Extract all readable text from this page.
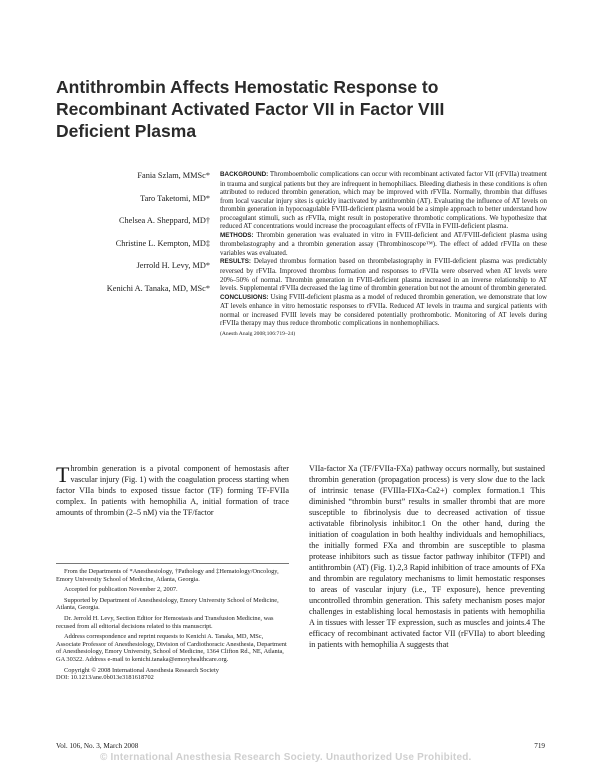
Antithrombin Affects Hemostatic Response to Recombinant Activated Factor VII in Factor VIII Deficient Plasma
Fania Szlam, MMSc*
Taro Taketomi, MD*
Chelsea A. Sheppard, MD†
Christine L. Kempton, MD‡
Jerrold H. Levy, MD*
Kenichi A. Tanaka, MD, MSc*

BACKGROUND: Thromboembolic complications can occur with recombinant activated factor VII (rFVIIa) treatment in trauma and surgical patients but they are infrequent in hemophiliacs. Bleeding diathesis in these conditions is often attributed to reduced thrombin generation, which may be improved with rFVIIa. Normally, thrombin that diffuses from local vascular injury sites is quickly inactivated by antithrombin (AT). Evaluating the influence of AT levels on thrombin generation in hypocoagulable FVIII-deficient plasma would be a simple approach to better understand how procoagulant stimuli, such as rFVIIa, might result in postoperative thrombotic complications. We hypothesize that reduced AT concentrations would increase the procoagulant effects of rFVIIa in FVIII-deficient plasma.

METHODS: Thrombin generation was evaluated in vitro in FVIII-deficient and AT/FVIII-deficient plasma using thrombelastography and a thrombin generation assay (Thrombinoscope™). The effect of added rFVIIa on these variables was evaluated.

RESULTS: Delayed thrombus formation based on thrombelastography in FVIII-deficient plasma was predictably reversed by rFVIIa. Improved thrombus formation and responses to rFVIIa were observed when AT levels were 20%–50% of normal. Thrombin generation in FVIII-deficient plasma increased in an inverse relationship to AT levels. Supplemental rFVIIa decreased the lag time of thrombin generation but not the amount of thrombin generated.

CONCLUSIONS: Using FVIII-deficient plasma as a model of reduced thrombin generation, we demonstrate that low AT levels enhance in vitro hemostatic responses to rFVIIa. Reduced AT levels in trauma and surgical patients with normal or increased FVIII levels may be considered potentially prothrombotic. Monitoring of AT levels during rFVIIa therapy may thus reduce thrombotic complications in nonhemophiliacs.

(Anesth Analg 2008;106:719–24)

Thrombin generation is a pivotal component of hemostasis after vascular injury (Fig. 1) with the coagulation process starting when factor VIIa binds to exposed tissue factor (TF) forming TF-FVIIa complex. In patients with hemophilia A, initial formation of trace amounts of thrombin (2–5 nM) via the TF/factor

VIIa-factor Xa (TF/FVIIa-FXa) pathway occurs normally, but sustained thrombin generation (propagation process) is very slow due to the lack of intrinsic tenase (FVIIIa-FIXa-Ca2+) complex formation.1 This diminished “thrombin burst” results in smaller thrombi that are more susceptible to fibrinolysis due to decreased activation of tissue activatable fibrinolysis inhibitor.1 On the other hand, during the initiation of coagulation in both healthy individuals and hemophiliacs, the initially formed FXa and thrombin are susceptible to plasma protease inhibitors such as tissue factor pathway inhibitor (TFPI) and antithrombin (AT) (Fig. 1).2,3 Rapid inhibition of trace amounts of FXa and thrombin are regulatory mechanisms to limit hemostatic responses to areas of vascular injury (i.e., TF exposure), hence preventing uncontrolled thrombin generation. This safety mechanism poses major challenges in establishing local hemostasis in patients with hemophilia A in tissues with lesser TF expression, such as muscles and joints.4 The efficacy of recombinant activated factor VII (rFVIIa) to abort bleeding in patients with hemophilia A suggests that

From the Departments of *Anesthesiology, †Pathology and ‡Hematology/Oncology, Emory University School of Medicine, Atlanta, Georgia.

Accepted for publication November 2, 2007.

Supported by Department of Anesthesiology, Emory University School of Medicine, Atlanta, Georgia.

Dr. Jerrold H. Levy, Section Editor for Hemostasis and Transfusion Medicine, was recused from all editorial decisions related to this manuscript.

Address correspondence and reprint requests to Kenichi A. Tanaka, MD, MSc, Associate Professor of Anesthesiology, Division of Cardiothoracic Anesthesia, Department of Anesthesiology, Emory University, School of Medicine, 1364 Clifton Rd., NE, Atlanta, GA 30322. Address e-mail to kenichi.tanaka@emoryhealthcare.org.

Copyright © 2008 International Anesthesia Research Society

DOI: 10.1213/ane.0b013e318161870​2

Vol. 106, No. 3, March 2008	719
© International Anesthesia Research Society. Unauthorized Use Prohibited.
